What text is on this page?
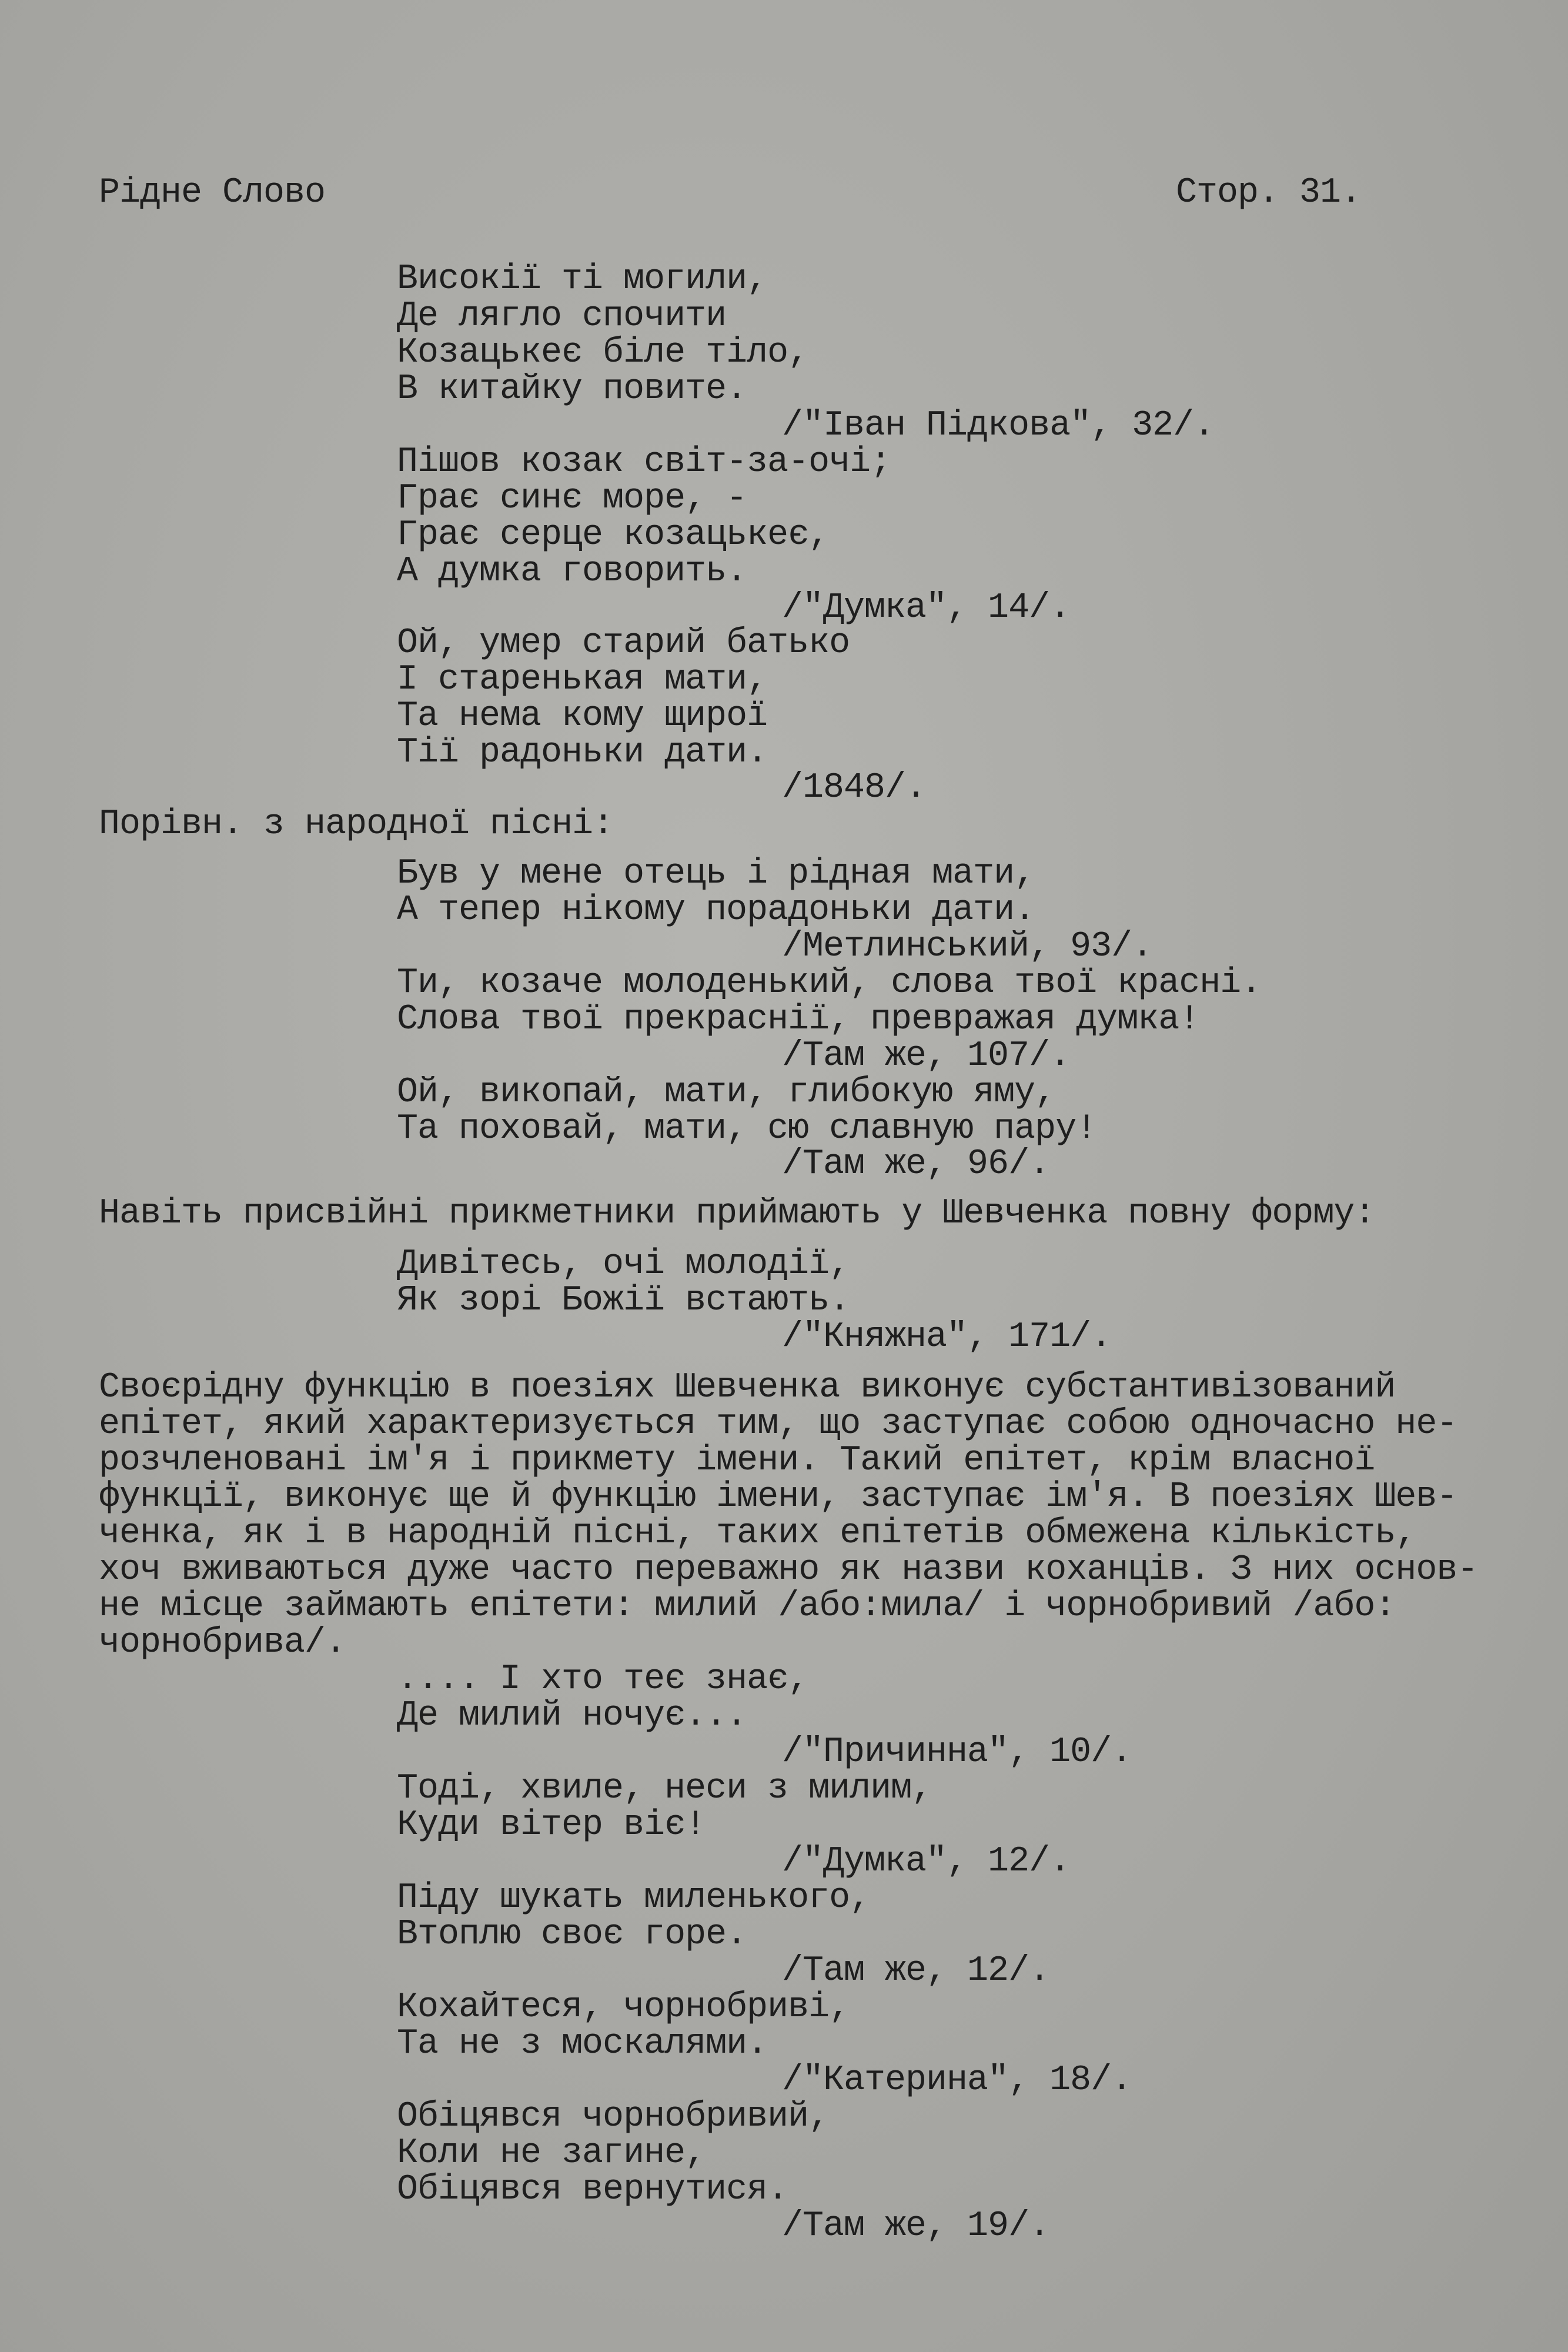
Рідне Слово	Стор. 31.
Високії ті могили,
Де лягло спочити
Козацькеє біле тіло,
В китайку повите.
/"Іван Підкова", 32/.
Пішов козак світ-за-очі;
Грає синє море, -
Грає серце козацькеє,
А думка говорить.
/"Думка", 14/.
Ой, умер старий батько
І старенькая мати,
Та нема кому щирої
Тії радоньки дати.
/1848/.
Порівн. з народної пісні:
Був у мене отець і рідная мати,
А тепер нікому порадоньки дати.
/Метлинський, 93/.
Ти, козаче молоденький, слова твої красні.
Слова твої прекраснії, превражая думка!
/Там же, 107/.
Ой, викопай, мати, глибокую яму,
Та поховай, мати, сю славную пару!
/Там же, 96/.
Навіть присвійні прикметники приймають у Шевченка повну форму:
Дивітесь, очі молодії,
Як зорі Божії встають.
/"Княжна", 171/.
Своєрідну функцію в поезіях Шевченка виконує субстантивізований
епітет, який характеризується тим, що заступає собою одночасно не-
розчленовані ім'я і прикмету імени. Такий епітет, крім власної
функції, виконує ще й функцію імени, заступає ім'я. В поезіях Шев-
ченка, як і в народній пісні, таких епітетів обмежена кількість,
хоч вживаються дуже часто переважно як назви коханців. З них основ-
не місце займають епітети: милий /або:мила/ і чорнобривий /або:
чорнобрива/.
.... І хто теє знає,
Де милий ночує...
/"Причинна", 10/.
Тоді, хвиле, неси з милим,
Куди вітер віє!
/"Думка", 12/.
Піду шукать миленького,
Втоплю своє горе.
/Там же, 12/.
Кохайтеся, чорнобриві,
Та не з москалями.
/"Катерина", 18/.
Обіцявся чорнобривий,
Коли не загине,
Обіцявся вернутися.
/Там же, 19/.
